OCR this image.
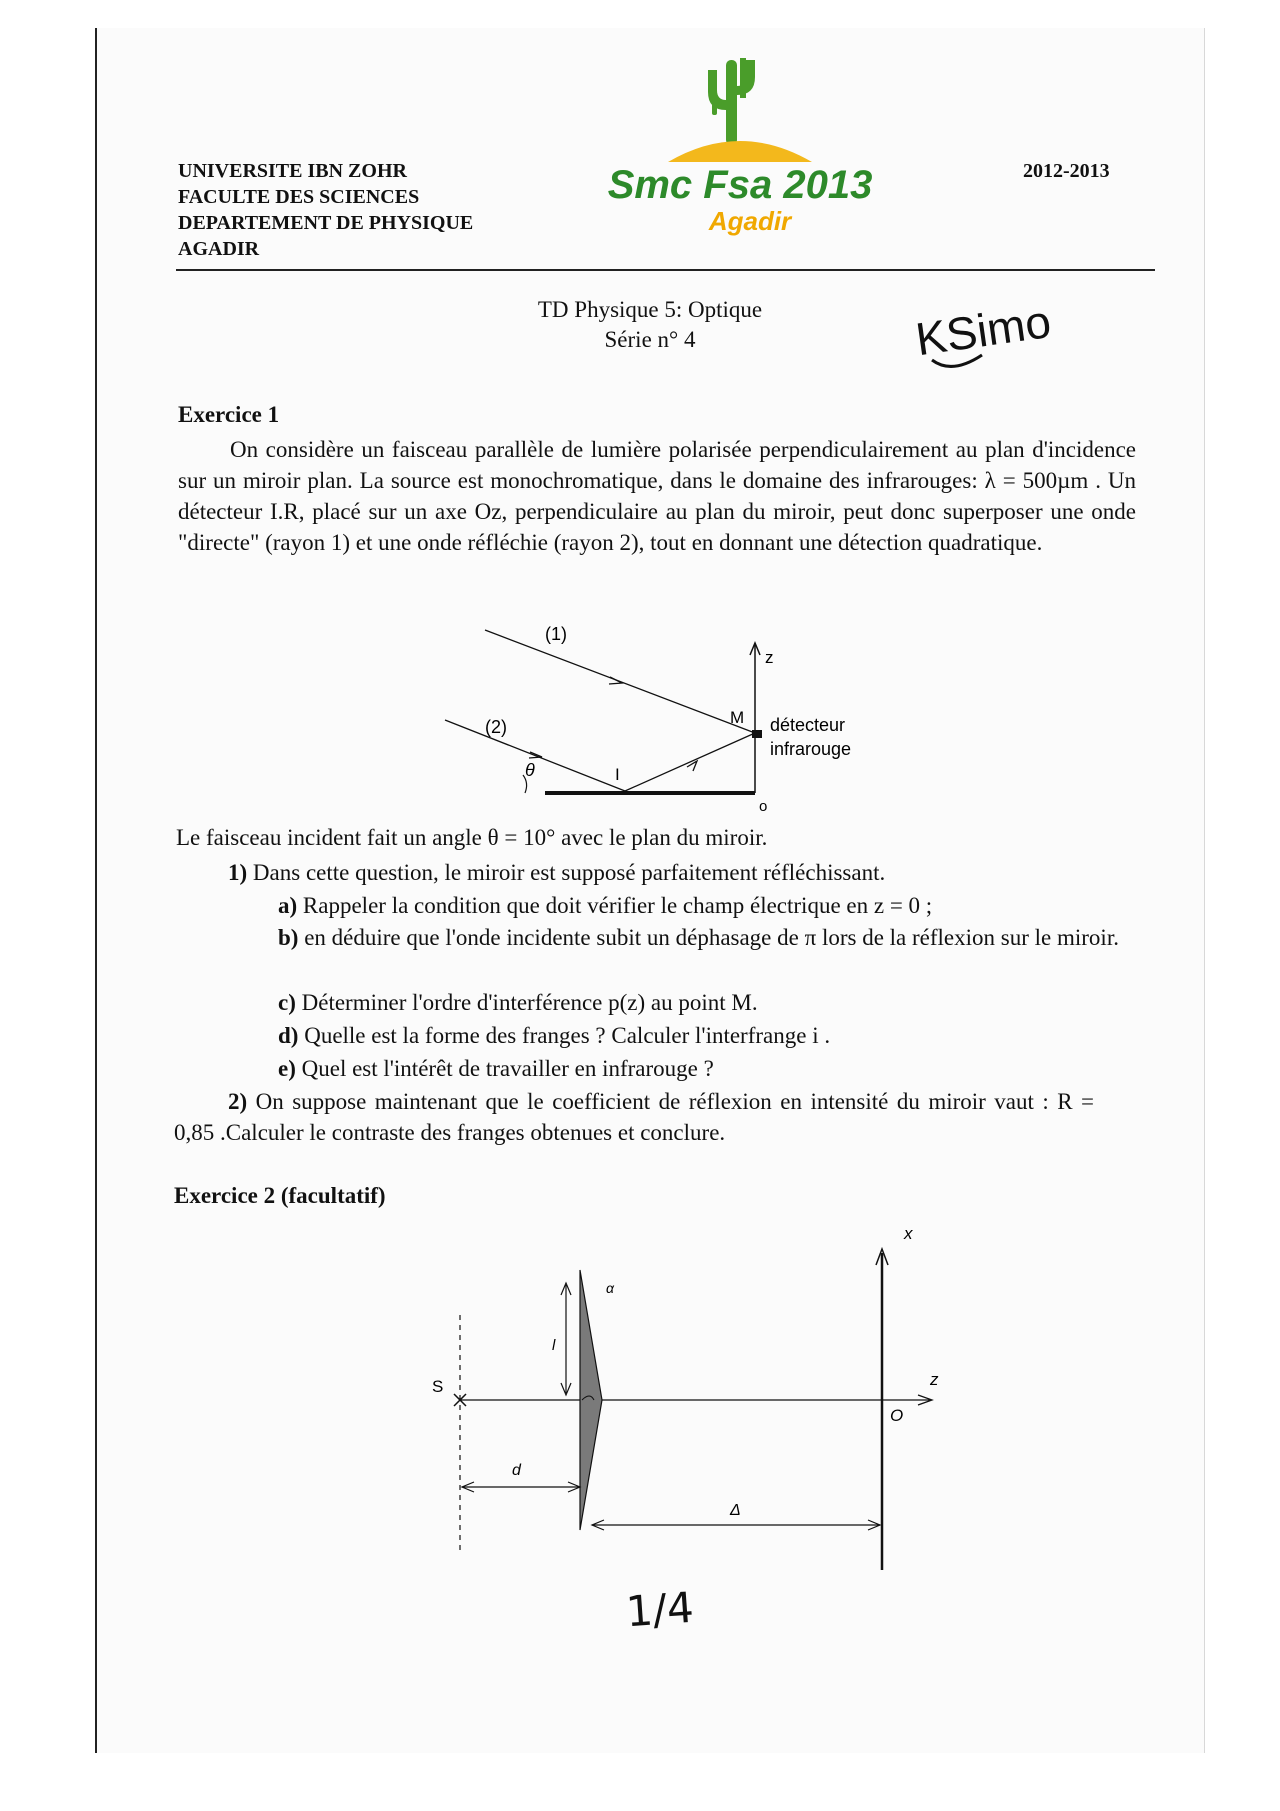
UNIVERSITE IBN ZOHR
FACULTE DES SCIENCES
DEPARTEMENT DE PHYSIQUE
AGADIR
Smc Fsa 2013
Agadir
2012-2013
TD Physique 5: Optique
Série n° 4	KSimo
Exercice 1
On considère un faisceau parallèle de lumière polarisée perpendiculairement au plan d'incidence sur un miroir plan. La source est monochromatique, dans le domaine des infrarouges: λ = 500µm . Un détecteur I.R, placé sur un axe Oz, perpendiculaire au plan du miroir, peut donc superposer une onde "directe" (rayon 1) et une onde réfléchie (rayon 2), tout en donnant une détection quadratique.
z
(1)
(2)
θ	I
M
o
détecteur
infrarouge
Le faisceau incident fait un angle θ = 10° avec le plan du miroir.
1) Dans cette question, le miroir est supposé parfaitement réfléchissant.
a) Rappeler la condition que doit vérifier le champ électrique en z = 0 ;
b) en déduire que l'onde incidente subit un déphasage de π lors de la réflexion sur le miroir.
c) Déterminer l'ordre d'interférence p(z) au point M.
d) Quelle est la forme des franges ? Calculer l'interfrange i .
e) Quel est l'intérêt de travailler en infrarouge ?
2) On suppose maintenant que le coefficient de réflexion en intensité du miroir vaut : R = 0,85 .Calculer le contraste des franges obtenues et conclure.
Exercice 2 (facultatif)
z
S
α
l
x
O
d
Δ
1/4
